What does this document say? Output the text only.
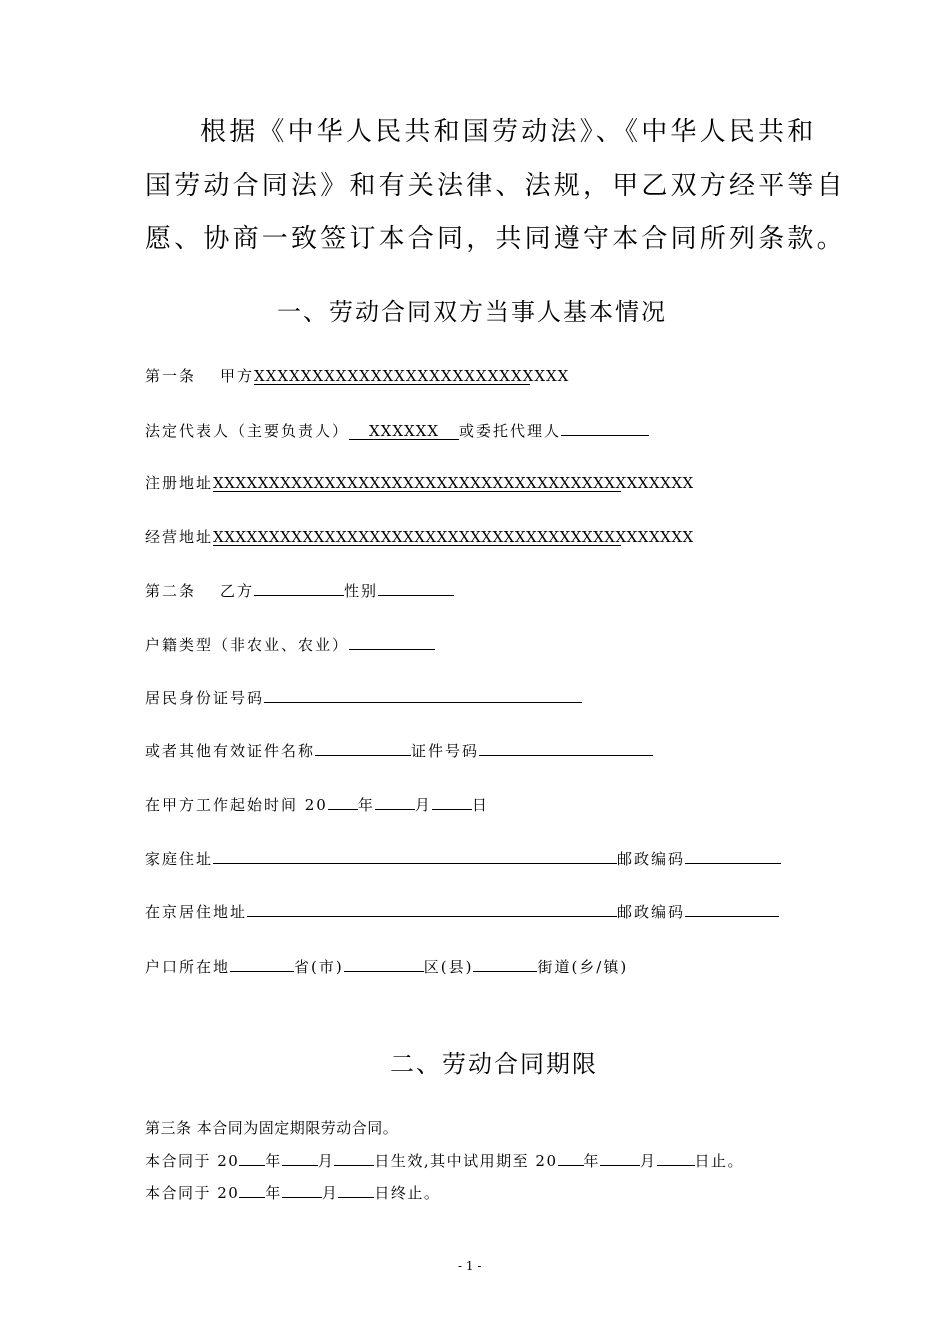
根据《中华人民共和国劳动法》、《中华人民共和
国劳动合同法》和有关法律、法规，甲乙双方经平等自
愿、协商一致签订本合同，共同遵守本合同所列条款。
一、劳动合同双方当事人基本情况
第一条 甲方XXXXXXXXXXXXXXXXXXXXXXXXXXX
法定代表人（主要负责人） XXXXXX 或委托代理人
注册地址XXXXXXXXXXXXXXXXXXXXXXXXXXXXXXXXXXXXXXXXXXX
经营地址XXXXXXXXXXXXXXXXXXXXXXXXXXXXXXXXXXXXXXXXXXX
第二条 乙方	性别
户籍类型（非农业、农业）
居民身份证号码
或者其他有效证件名称	证件号码
在甲方工作起始时间 20 年	月	日
家庭住址	邮政编码
在京居住地址	邮政编码
户口所在地	省(市)	区(县)	街道(乡/镇)
二、劳动合同期限
第三条 本合同为固定期限劳动合同。
本合同于 20 年 月	日生效,其中试用期至 20 年	月	日止。
本合同于 20 年	月 日终止。
- 1 -
